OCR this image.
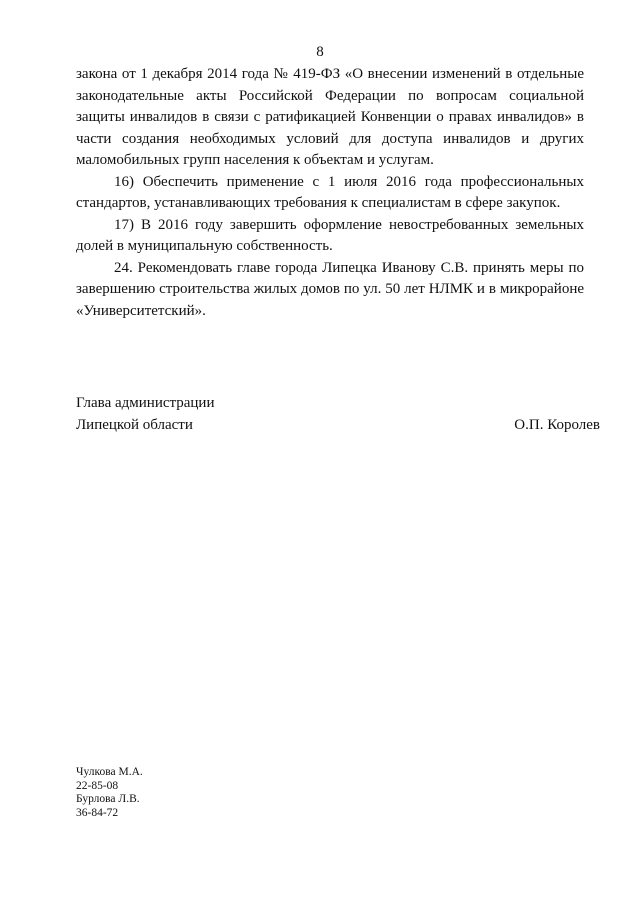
8

закона от 1 декабря 2014 года № 419-ФЗ «О внесении изменений в отдельные законодательные акты Российской Федерации по вопросам социальной защиты инвалидов в связи с ратификацией Конвенции о правах инвалидов» в части создания необходимых условий для доступа инвалидов и других маломобильных групп населения к объектам и услугам.

16) Обеспечить применение с 1 июля 2016 года профессиональных стандартов, устанавливающих требования к специалистам в сфере закупок.

17) В 2016 году завершить оформление невостребованных земельных долей в муниципальную собственность.

24. Рекомендовать главе города Липецка Иванову С.В. принять меры по завершению строительства жилых домов по ул. 50 лет НЛМК и в микрорайоне «Университетский».

Глава администрации
Липецкой области	О.П. Королев
Чулкова М.А.
22-85-08
Бурлова Л.В.
36-84-72
